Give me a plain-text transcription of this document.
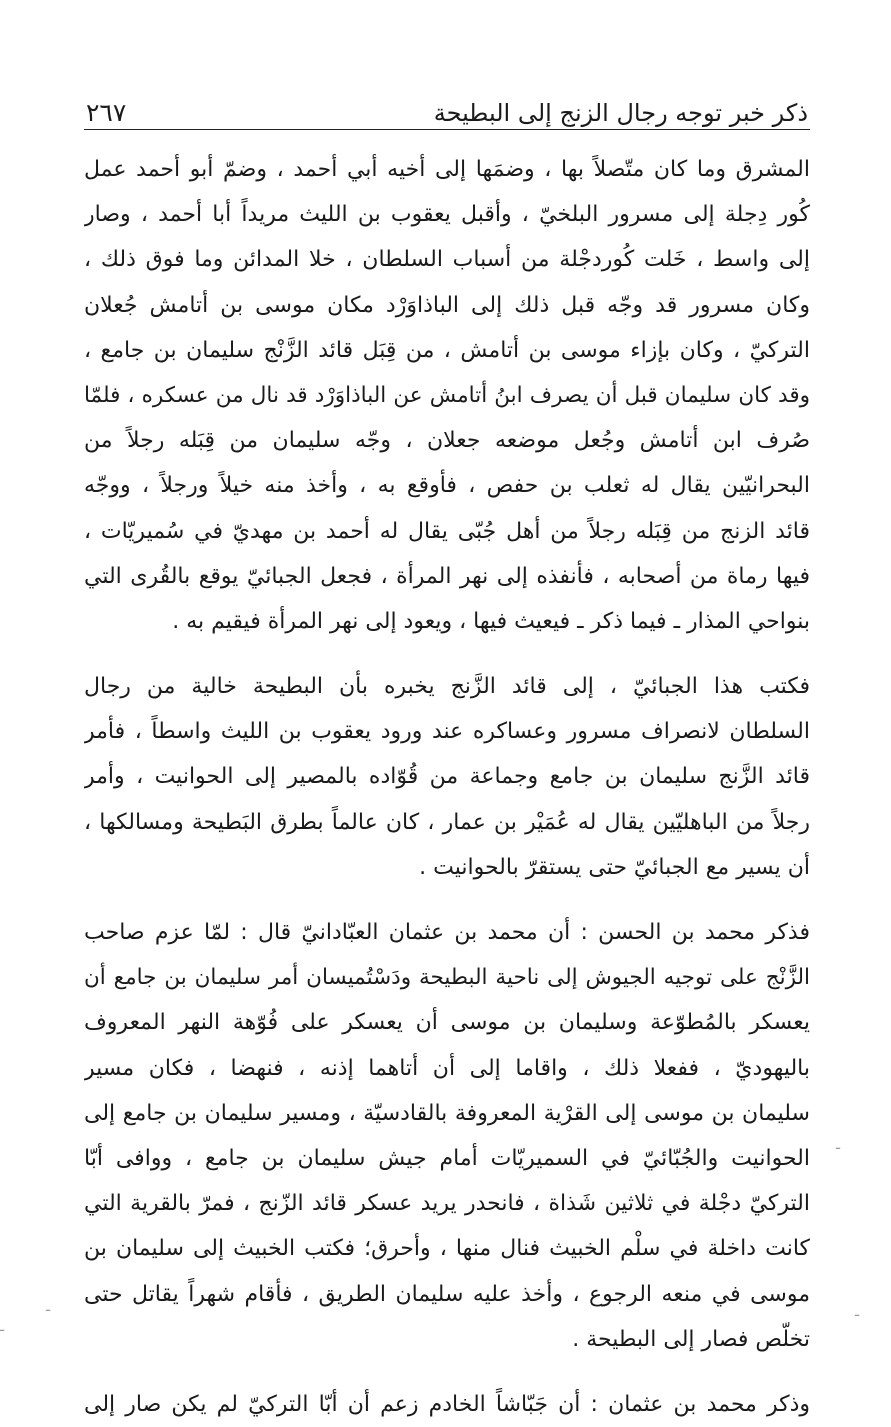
ذكر خبر توجه رجال الزنج إلى البطيحة
٢٦٧
المشرق وما كان متّصلاً بها ، وضمَها إلى أخيه أبي أحمد ، وضمّ أبو أحمد عمل
كُور دِجلة إلى مسرور البلخيّ ، وأقبل يعقوب بن الليث مريداً أبا أحمد ، وصار
إلى واسط ، خَلت كُوردجْلة من أسباب السلطان ، خلا المدائن وما فوق ذلك ،
وكان مسرور قد وجّه قبل ذلك إلى الباذاوَرْد مكان موسى بن أتامش جُعلان
التركيّ ، وكان بإزاء موسى بن أتامش ، من قِبَل قائد الزَّنْج سليمان بن جامع ،
وقد كان سليمان قبل أن يصرف ابنُ أتامش عن الباذاوَرْد قد نال من عسكره ، فلمّا
صُرف ابن أتامش وجُعل موضعه جعلان ، وجّه سليمان من قِبَله رجلاً من
البحرانيّين يقال له ثعلب بن حفص ، فأوقع به ، وأخذ منه خيلاً ورجلاً ، ووجّه
قائد الزنج من قِبَله رجلاً من أهل جُبّى يقال له أحمد بن مهديّ في سُميريّات ،
فيها رماة من أصحابه ، فأنفذه إلى نهر المرأة ، فجعل الجبائيّ يوقع بالقُرى التي
بنواحي المذار ـ فيما ذكر ـ فيعيث فيها ، ويعود إلى نهر المرأة فيقيم به .
فكتب هذا الجبائيّ ، إلى قائد الزَّنج يخبره بأن البطيحة خالية من رجال
السلطان لانصراف مسرور وعساكره عند ورود يعقوب بن الليث واسطاً ، فأمر
قائد الزَّنج سليمان بن جامع وجماعة من قُوّاده بالمصير إلى الحوانيت ، وأمر
رجلاً من الباهليّين يقال له عُمَيْر بن عمار ، كان عالماً بطرق البَطيحة ومسالكها ،
أن يسير مع الجبائيّ حتى يستقرّ بالحوانيت .
فذكر محمد بن الحسن : أن محمد بن عثمان العبّادانيّ قال : لمّا عزم صاحب
الزَّنْج على توجيه الجيوش إلى ناحية البطيحة ودَسْتُميسان أمر سليمان بن جامع أن
يعسكر بالمُطوّعة وسليمان بن موسى أن يعسكر على فُوّهة النهر المعروف
باليهوديّ ، ففعلا ذلك ، واقاما إلى أن أتاهما إذنه ، فنهضا ، فكان مسير
سليمان بن موسى إلى القرْية المعروفة بالقادسيّة ، ومسير سليمان بن جامع إلى
الحوانيت والجُبّائيّ في السميريّات أمام جيش سليمان بن جامع ، ووافى أبّا
التركيّ دجْلة في ثلاثين شَذاة ، فانحدر يريد عسكر قائد الزّنج ، فمرّ بالقرية التي
كانت داخلة في سلْم الخبيث فنال منها ، وأحرق؛ فكتب الخبيث إلى سليمان بن
موسى في منعه الرجوع ، وأخذ عليه سليمان الطريق ، فأقام شهراً يقاتل حتى
تخلّص فصار إلى البطيحة .
وذكر محمد بن عثمان : أن جَبّاشاً الخادم زعم أن أبّا التركيّ لم يكن صار إلى
ـ
ـ	ـ
ـ
